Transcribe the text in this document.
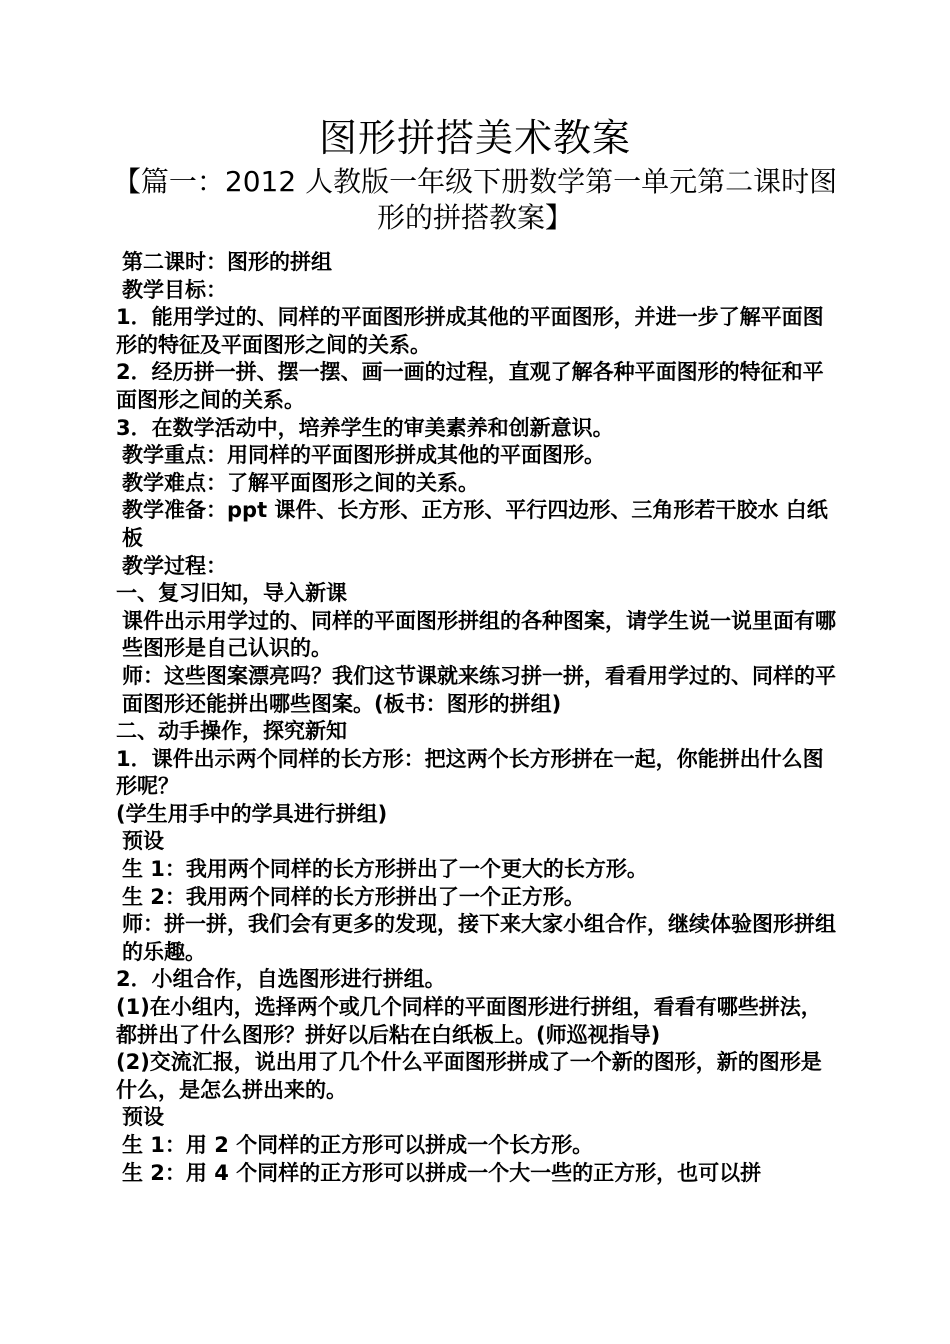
图形拼搭美术教案

【篇一：2012 人教版一年级下册数学第一单元第二课时图形的拼搭教案】

第二课时：图形的拼组

教学目标：

1．能用学过的、同样的平面图形拼成其他的平面图形，并进一步了解平面图形的特征及平面图形之间的关系。

2．经历拼一拼、摆一摆、画一画的过程，直观了解各种平面图形的特征和平面图形之间的关系。

3．在数学活动中，培养学生的审美素养和创新意识。

教学重点：用同样的平面图形拼成其他的平面图形。

教学难点：了解平面图形之间的关系。

教学准备：ppt 课件、长方形、正方形、平行四边形、三角形若干胶水 白纸板

教学过程：

一、复习旧知，导入新课

课件出示用学过的、同样的平面图形拼组的各种图案，请学生说一说里面有哪些图形是自己认识的。

师：这些图案漂亮吗？我们这节课就来练习拼一拼，看看用学过的、同样的平面图形还能拼出哪些图案。(板书：图形的拼组)

二、动手操作，探究新知

1．课件出示两个同样的长方形：把这两个长方形拼在一起，你能拼出什么图形呢？

(学生用手中的学具进行拼组)

预设

生 1：我用两个同样的长方形拼出了一个更大的长方形。

生 2：我用两个同样的长方形拼出了一个正方形。

师：拼一拼，我们会有更多的发现，接下来大家小组合作，继续体验图形拼组的乐趣。

2．小组合作，自选图形进行拼组。

(1)在小组内，选择两个或几个同样的平面图形进行拼组，看看有哪些拼法，

都拼出了什么图形？拼好以后粘在白纸板上。(师巡视指导)

(2)交流汇报，说出用了几个什么平面图形拼成了一个新的图形，新的图形是什么，是怎么拼出来的。

预设

生 1：用 2 个同样的正方形可以拼成一个长方形。

生 2：用 4 个同样的正方形可以拼成一个大一些的正方形，也可以拼
